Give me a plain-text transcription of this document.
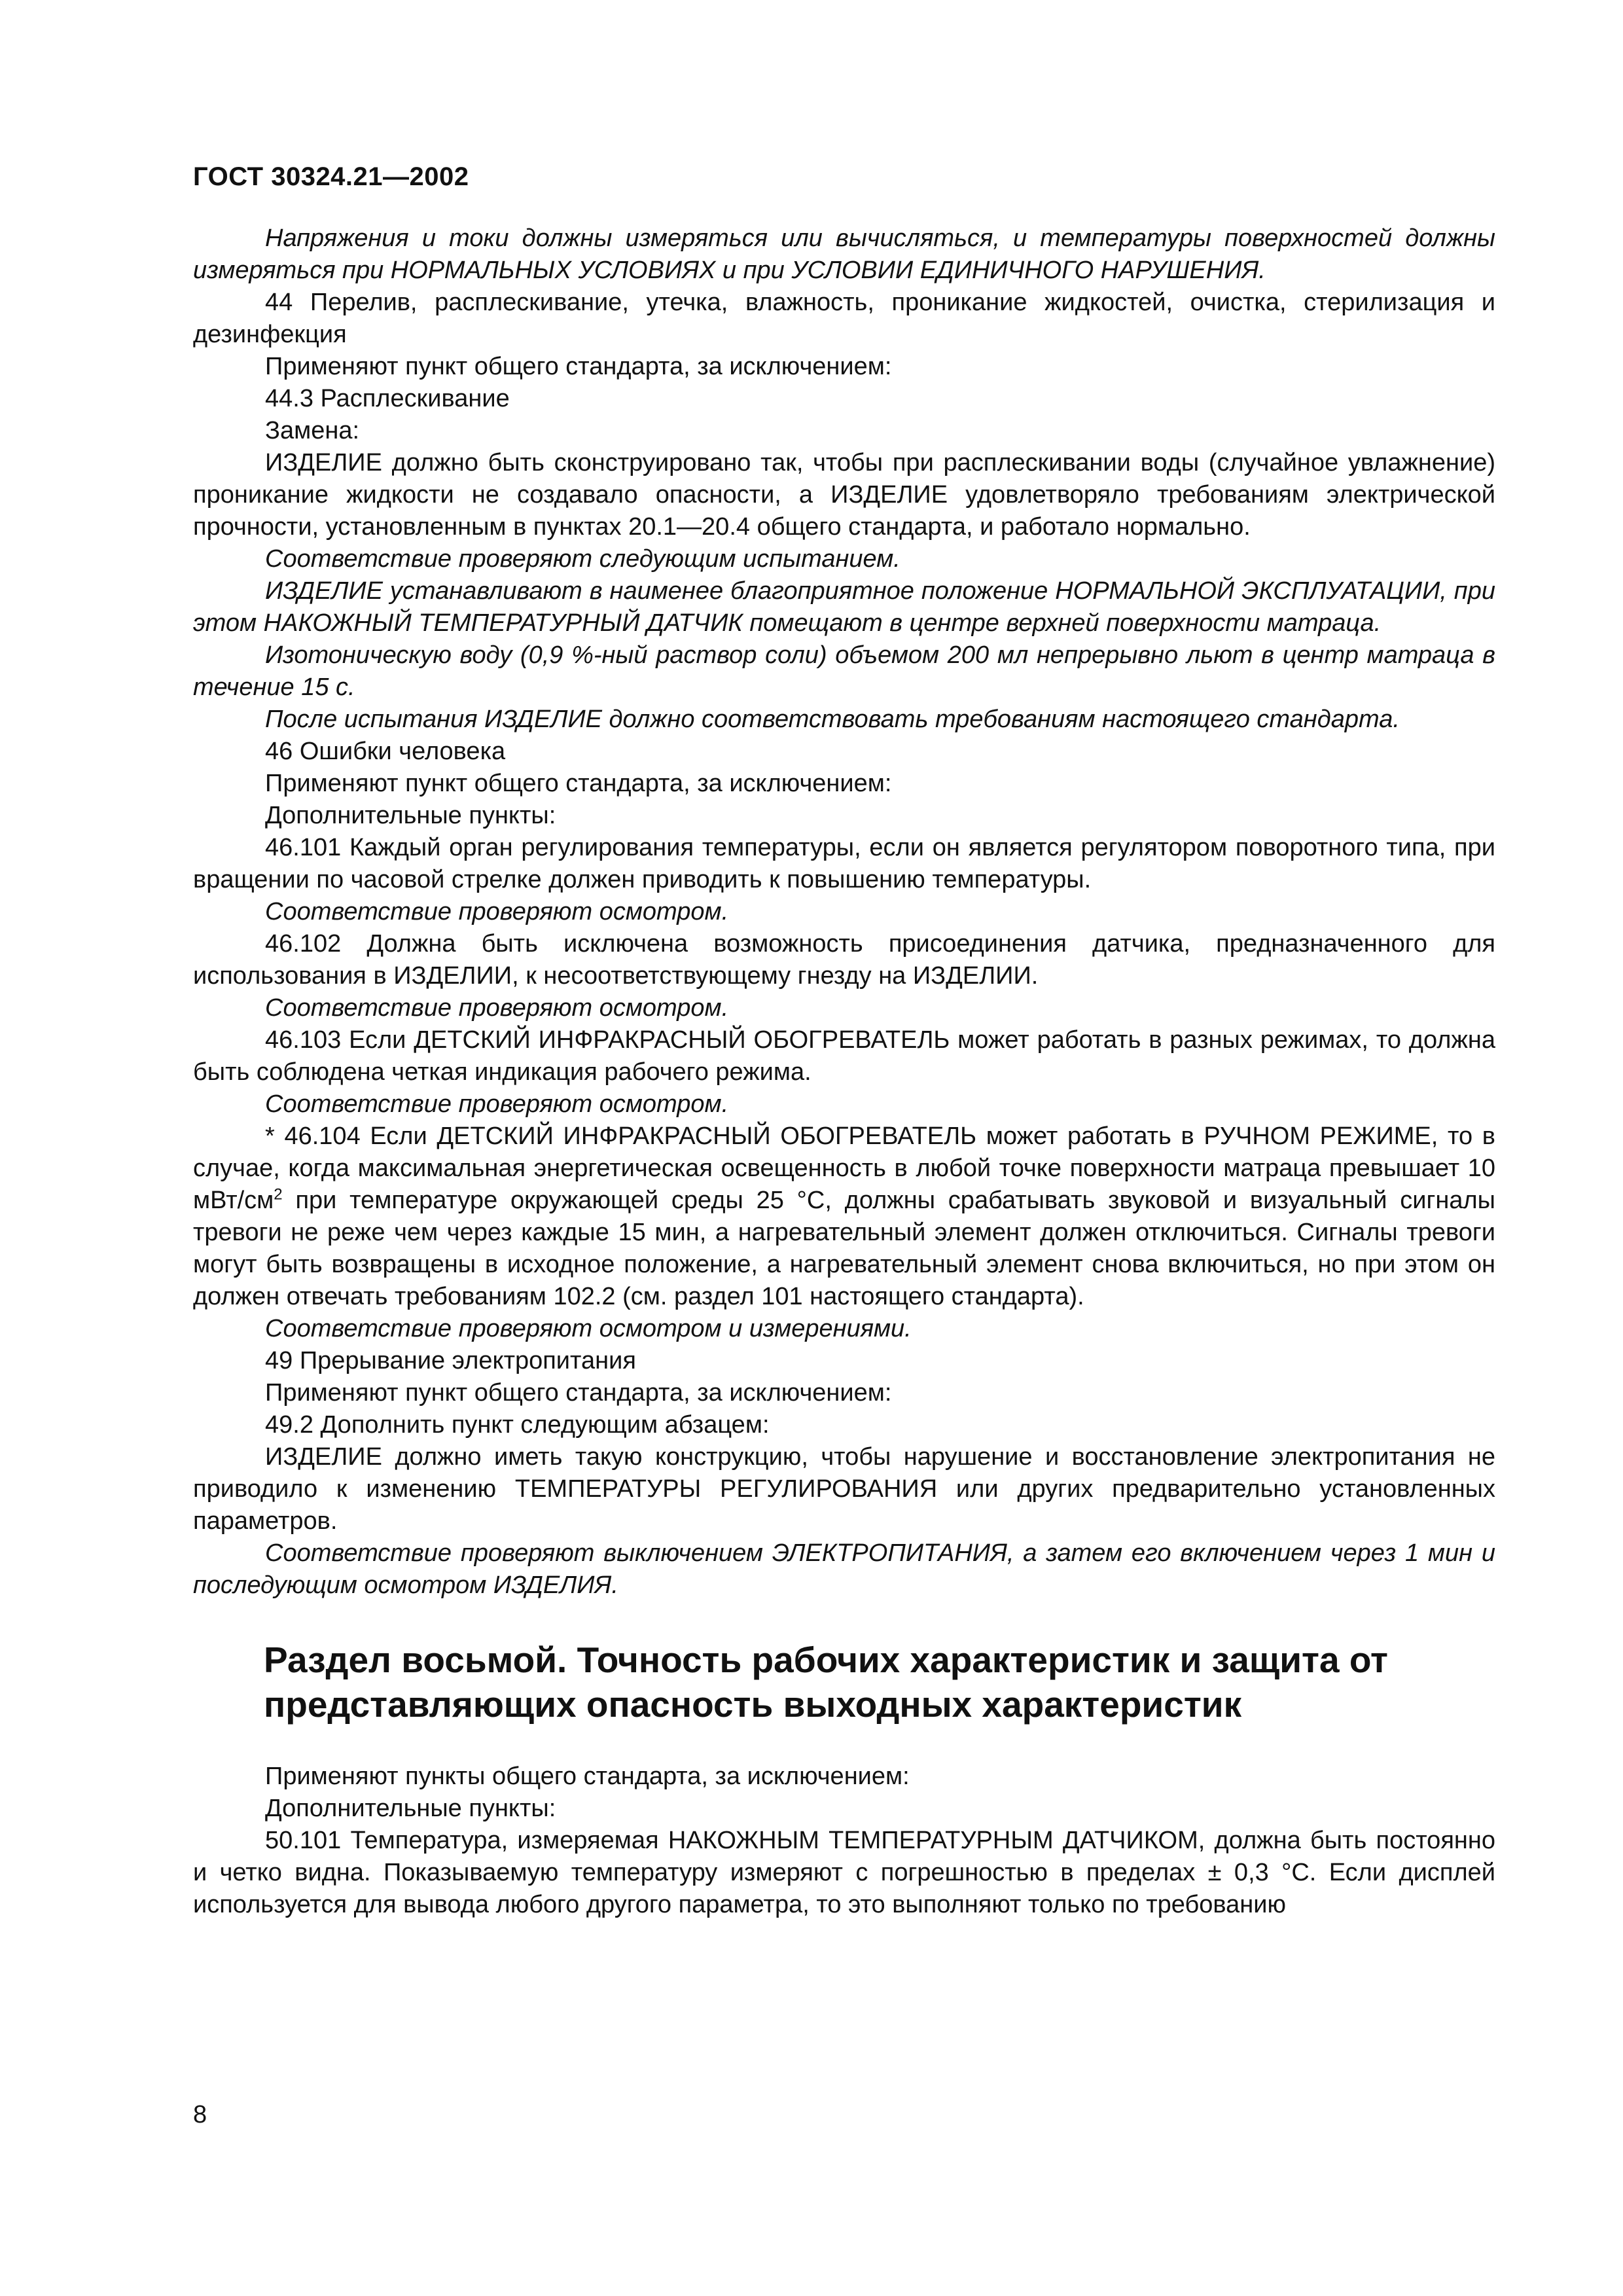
ГОСТ 30324.21—2002

Напряжения и токи должны измеряться или вычисляться, и температуры поверхностей должны измеряться при НОРМАЛЬНЫХ УСЛОВИЯХ и при УСЛОВИИ ЕДИНИЧНОГО НАРУШЕНИЯ.

44 Перелив, расплескивание, утечка, влажность, проникание жидкостей, очистка, стерилизация и дезинфекция

Применяют пункт общего стандарта, за исключением:

44.3 Расплескивание

Замена:

ИЗДЕЛИЕ должно быть сконструировано так, чтобы при расплескивании воды (случайное увлажнение) проникание жидкости не создавало опасности, а ИЗДЕЛИЕ удовлетворяло требованиям электрической прочности, установленным в пунктах 20.1—20.4 общего стандарта, и работало нормально.

Соответствие проверяют следующим испытанием.

ИЗДЕЛИЕ устанавливают в наименее благоприятное положение НОРМАЛЬНОЙ ЭКСПЛУАТАЦИИ, при этом НАКОЖНЫЙ ТЕМПЕРАТУРНЫЙ ДАТЧИК помещают в центре верхней поверхности матраца.

Изотоническую воду (0,9 %-ный раствор соли) объемом 200 мл непрерывно льют в центр матраца в течение 15 с.

После испытания ИЗДЕЛИЕ должно соответствовать требованиям настоящего стандарта.

46 Ошибки человека

Применяют пункт общего стандарта, за исключением:

Дополнительные пункты:

46.101 Каждый орган регулирования температуры, если он является регулятором поворотного типа, при вращении по часовой стрелке должен приводить к повышению температуры.

Соответствие проверяют осмотром.

46.102 Должна быть исключена возможность присоединения датчика, предназначенного для использования в ИЗДЕЛИИ, к несоответствующему гнезду на ИЗДЕЛИИ.

Соответствие проверяют осмотром.

46.103 Если ДЕТСКИЙ ИНФРАКРАСНЫЙ ОБОГРЕВАТЕЛЬ может работать в разных режимах, то должна быть соблюдена четкая индикация рабочего режима.

Соответствие проверяют осмотром.

* 46.104 Если ДЕТСКИЙ ИНФРАКРАСНЫЙ ОБОГРЕВАТЕЛЬ может работать в РУЧНОМ РЕЖИМЕ, то в случае, когда максимальная энергетическая освещенность в любой точке поверхности матраца превышает 10 мВт/$см^2$ при температуре окружающей среды 25 °С, должны срабатывать звуковой и визуальный сигналы тревоги не реже чем через каждые 15 мин, а нагревательный элемент должен отключиться. Сигналы тревоги могут быть возвращены в исходное положение, а нагревательный элемент снова включиться, но при этом он должен отвечать требованиям 102.2 (см. раздел 101 настоящего стандарта).

Соответствие проверяют осмотром и измерениями.

49 Прерывание электропитания

Применяют пункт общего стандарта, за исключением:

49.2 Дополнить пункт следующим абзацем:

ИЗДЕЛИЕ должно иметь такую конструкцию, чтобы нарушение и восстановление электропитания не приводило к изменению ТЕМПЕРАТУРЫ РЕГУЛИРОВАНИЯ или других предварительно установленных параметров.

Соответствие проверяют выключением ЭЛЕКТРОПИТАНИЯ, а затем его включением через 1 мин и последующим осмотром ИЗДЕЛИЯ.

Раздел восьмой. Точность рабочих характеристик и защита от представляющих опасность выходных характеристик

Применяют пункты общего стандарта, за исключением:

Дополнительные пункты:

50.101 Температура, измеряемая НАКОЖНЫМ ТЕМПЕРАТУРНЫМ ДАТЧИКОМ, должна быть постоянно и четко видна. Показываемую температуру измеряют с погрешностью в пределах ± 0,3 °С. Если дисплей используется для вывода любого другого параметра, то это выполняют только по требованию

8
